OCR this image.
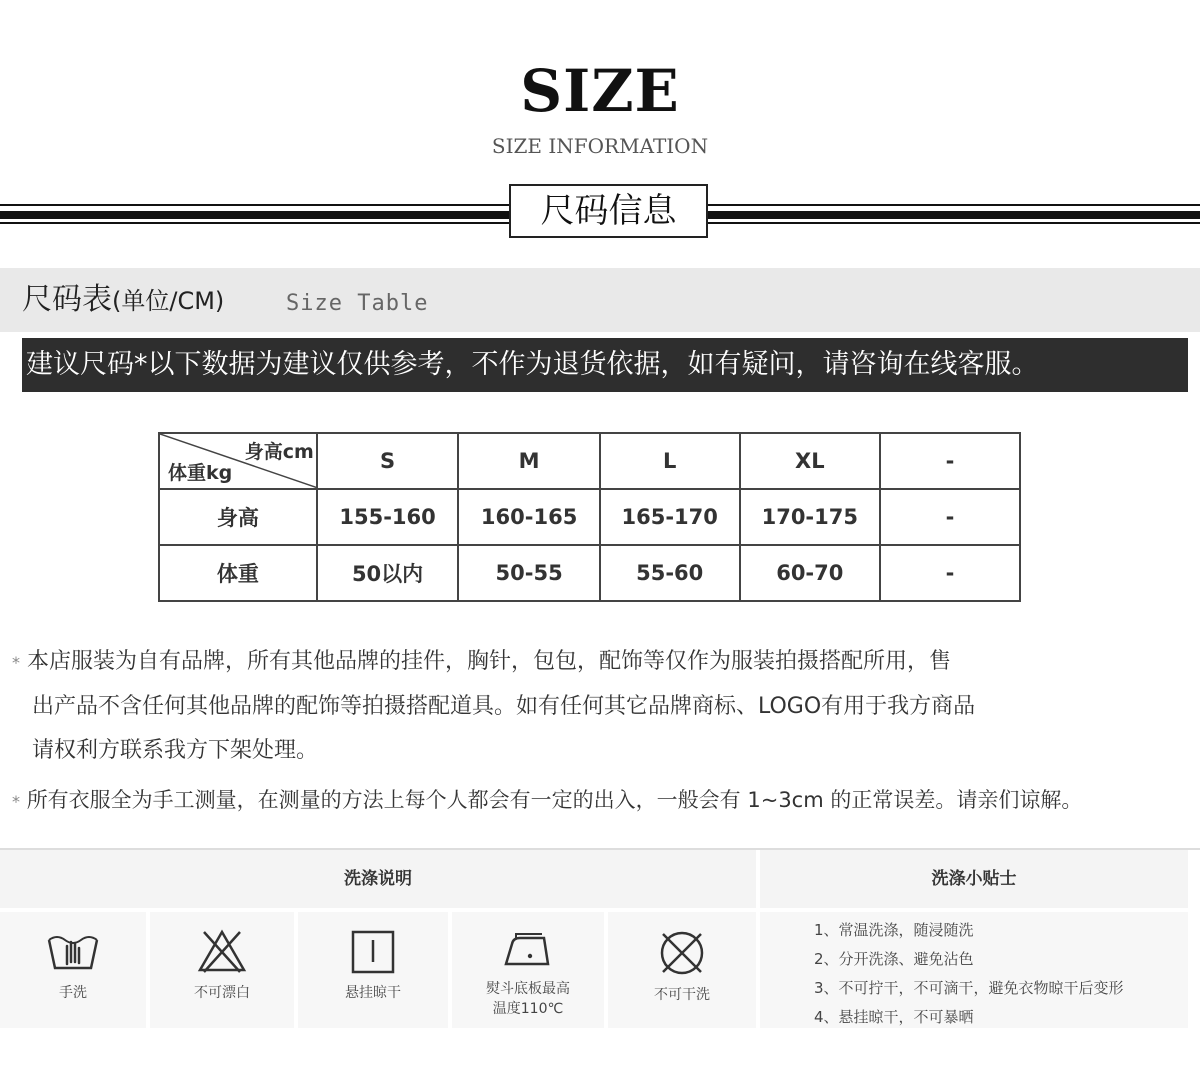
SIZE
SIZE INFORMATION
尺码信息
尺码表(单位/CM)	Size Table
建议尺码*以下数据为建议仅供参考，不作为退货依据，如有疑问，请咨询在线客服。
身高cm
体重kg	S	M	L	XL	-
身高	155-160	160-165	165-170	170-175	-
体重	50以内	50-55	55-60	60-70	-
* 本店服装为自有品牌，所有其他品牌的挂件，胸针，包包，配饰等仅作为服装拍摄搭配所用，售
出产品不含任何其他品牌的配饰等拍摄搭配道具。如有任何其它品牌商标、LOGO有用于我方商品
请权利方联系我方下架处理。
* 所有衣服全为手工测量，在测量的方法上每个人都会有一定的出入，一般会有 1~3cm 的正常误差。请亲们谅解。
洗涤说明	洗涤小贴士
手洗	不可漂白	悬挂晾干	熨斗底板最高
温度110℃
不可干洗
1、常温洗涤，随浸随洗
2、分开洗涤、避免沾色
3、不可拧干，不可滴干，避免衣物晾干后变形
4、悬挂晾干，不可暴晒
